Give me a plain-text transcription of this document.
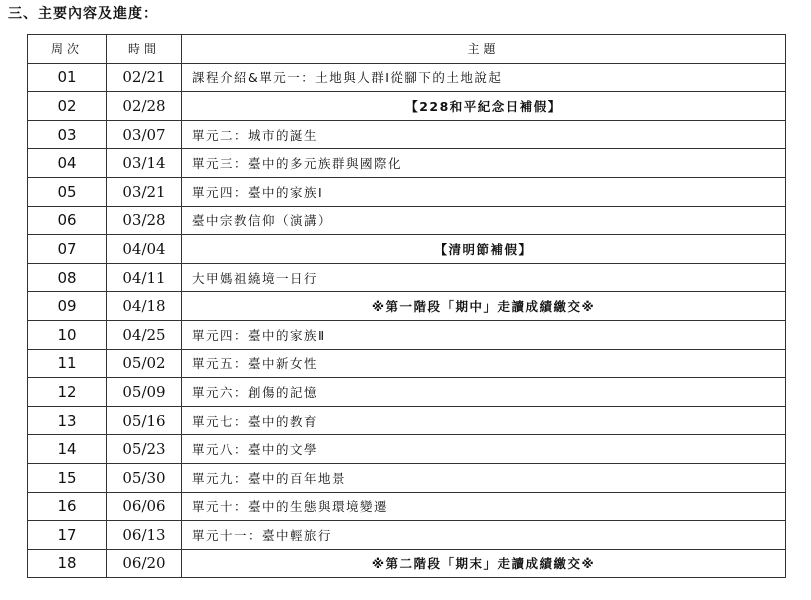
三、主要內容及進度：
周次	時間	主題
01	02/21	課程介紹&單元一：土地與人群Ⅰ從腳下的土地說起
02	02/28	【228和平紀念日補假】
03	03/07	單元二：城市的誕生
04	03/14	單元三：臺中的多元族群與國際化
05	03/21	單元四：臺中的家族Ⅰ
06	03/28	臺中宗教信仰（演講）
07	04/04	【清明節補假】
08	04/11	大甲媽祖繞境一日行
09	04/18	※第一階段「期中」走讀成績繳交※
10	04/25	單元四：臺中的家族Ⅱ
11	05/02	單元五：臺中新女性
12	05/09	單元六：創傷的記憶
13	05/16	單元七：臺中的教育
14	05/23	單元八：臺中的文學
15	05/30	單元九：臺中的百年地景
16	06/06	單元十：臺中的生態與環境變遷
17	06/13	單元十一：臺中輕旅行
18	06/20	※第二階段「期末」走讀成績繳交※
